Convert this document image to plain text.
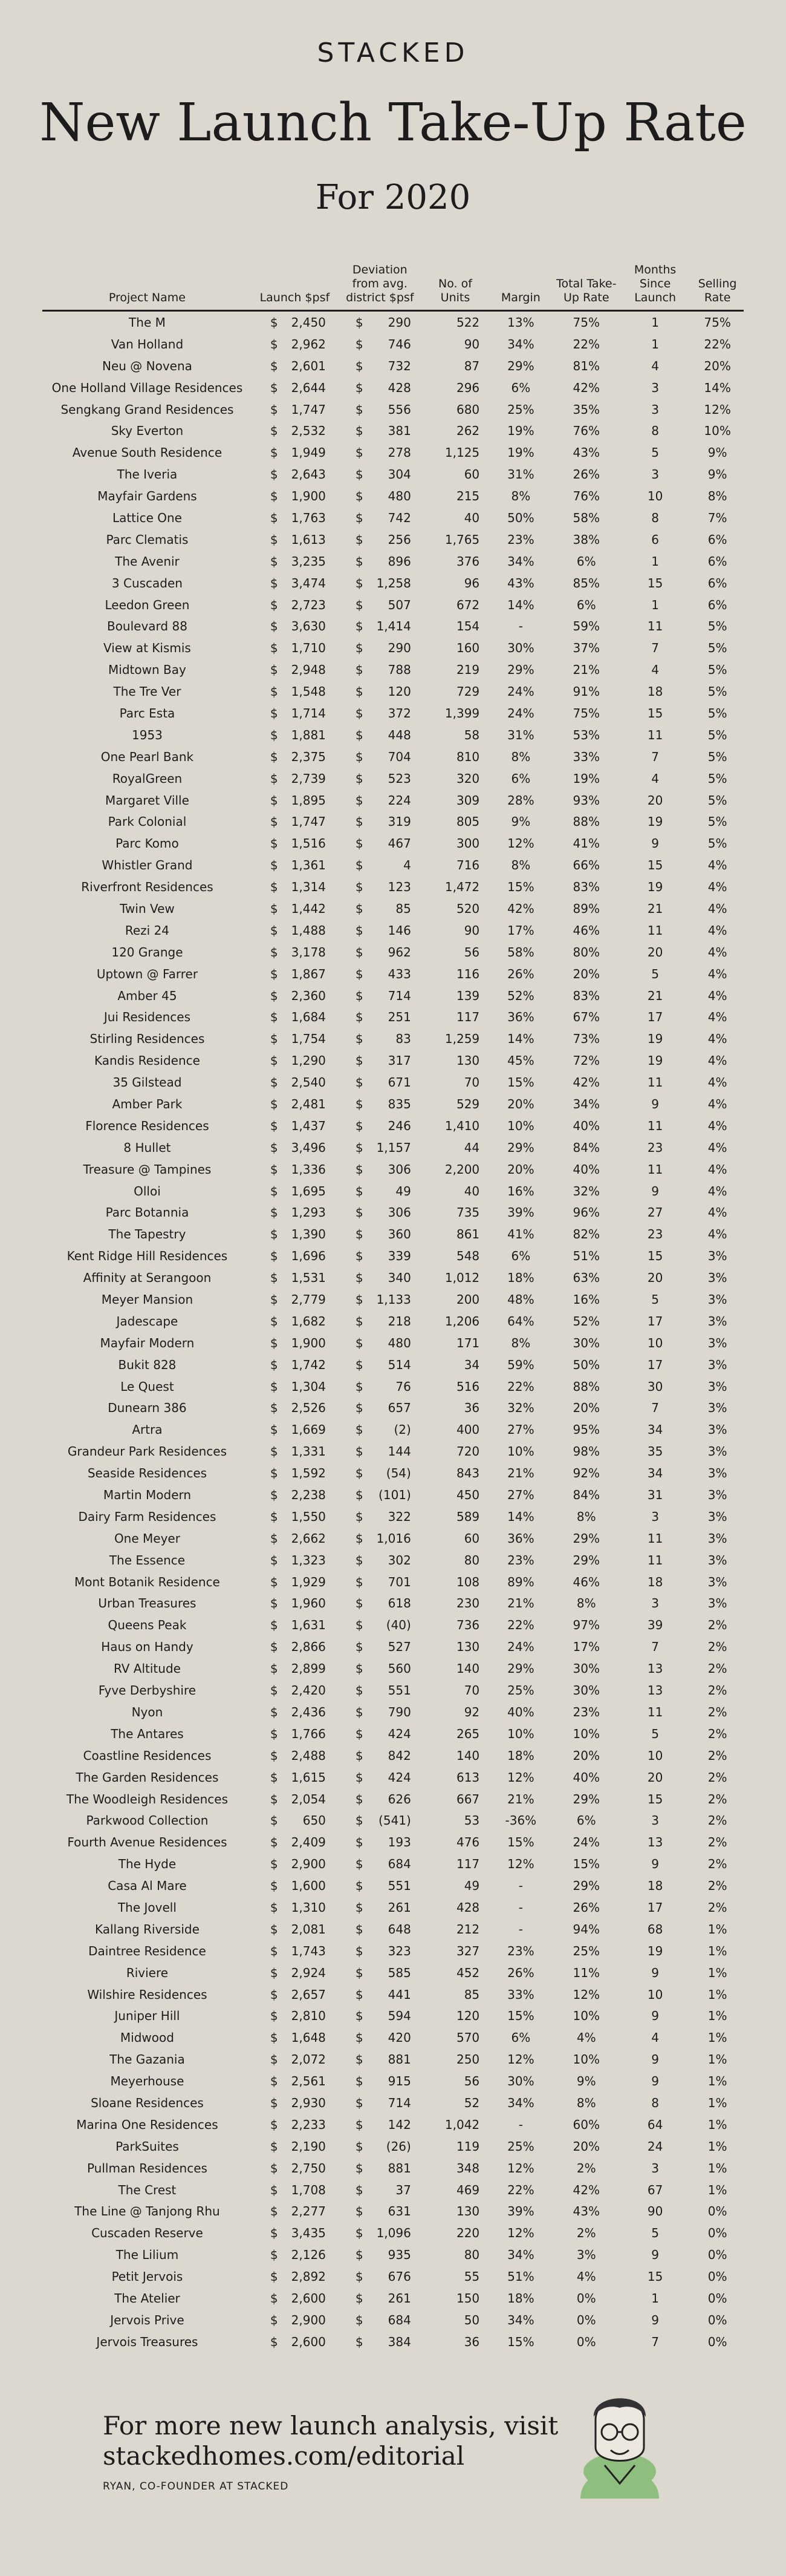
STACKED
New Launch Take-Up Rate
For 2020
Project Name	Launch $psf	Deviation from avg. district $psf	No. of Units	Margin	Total Take-Up Rate	Months Since Launch	Selling Rate
The M	$ 2,450	$ 290	522	13%	75%	1	75%
Van Holland	$ 2,962	$ 746	90	34%	22%	1	22%
Neu @ Novena	$ 2,601	$ 732	87	29%	81%	4	20%
One Holland Village Residences	$ 2,644	$ 428	296	6%	42%	3	14%
Sengkang Grand Residences	$ 1,747	$ 556	680	25%	35%	3	12%
Sky Everton	$ 2,532	$ 381	262	19%	76%	8	10%
Avenue South Residence	$ 1,949	$ 278	1,125	19%	43%	5	9%
The Iveria	$ 2,643	$ 304	60	31%	26%	3	9%
Mayfair Gardens	$ 1,900	$ 480	215	8%	76%	10	8%
Lattice One	$ 1,763	$ 742	40	50%	58%	8	7%
Parc Clematis	$ 1,613	$ 256	1,765	23%	38%	6	6%
The Avenir	$ 3,235	$ 896	376	34%	6%	1	6%
3 Cuscaden	$ 3,474	$ 1,258	96	43%	85%	15	6%
Leedon Green	$ 2,723	$ 507	672	14%	6%	1	6%
Boulevard 88	$ 3,630	$ 1,414	154	-	59%	11	5%
View at Kismis	$ 1,710	$ 290	160	30%	37%	7	5%
Midtown Bay	$ 2,948	$ 788	219	29%	21%	4	5%
The Tre Ver	$ 1,548	$ 120	729	24%	91%	18	5%
Parc Esta	$ 1,714	$ 372	1,399	24%	75%	15	5%
1953	$ 1,881	$ 448	58	31%	53%	11	5%
One Pearl Bank	$ 2,375	$ 704	810	8%	33%	7	5%
RoyalGreen	$ 2,739	$ 523	320	6%	19%	4	5%
Margaret Ville	$ 1,895	$ 224	309	28%	93%	20	5%
Park Colonial	$ 1,747	$ 319	805	9%	88%	19	5%
Parc Komo	$ 1,516	$ 467	300	12%	41%	9	5%
Whistler Grand	$ 1,361	$ 4	716	8%	66%	15	4%
Riverfront Residences	$ 1,314	$ 123	1,472	15%	83%	19	4%
Twin Vew	$ 1,442	$ 85	520	42%	89%	21	4%
Rezi 24	$ 1,488	$ 146	90	17%	46%	11	4%
120 Grange	$ 3,178	$ 962	56	58%	80%	20	4%
Uptown @ Farrer	$ 1,867	$ 433	116	26%	20%	5	4%
Amber 45	$ 2,360	$ 714	139	52%	83%	21	4%
Jui Residences	$ 1,684	$ 251	117	36%	67%	17	4%
Stirling Residences	$ 1,754	$ 83	1,259	14%	73%	19	4%
Kandis Residence	$ 1,290	$ 317	130	45%	72%	19	4%
35 Gilstead	$ 2,540	$ 671	70	15%	42%	11	4%
Amber Park	$ 2,481	$ 835	529	20%	34%	9	4%
Florence Residences	$ 1,437	$ 246	1,410	10%	40%	11	4%
8 Hullet	$ 3,496	$ 1,157	44	29%	84%	23	4%
Treasure @ Tampines	$ 1,336	$ 306	2,200	20%	40%	11	4%
Olloi	$ 1,695	$ 49	40	16%	32%	9	4%
Parc Botannia	$ 1,293	$ 306	735	39%	96%	27	4%
The Tapestry	$ 1,390	$ 360	861	41%	82%	23	4%
Kent Ridge Hill Residences	$ 1,696	$ 339	548	6%	51%	15	3%
Affinity at Serangoon	$ 1,531	$ 340	1,012	18%	63%	20	3%
Meyer Mansion	$ 2,779	$ 1,133	200	48%	16%	5	3%
Jadescape	$ 1,682	$ 218	1,206	64%	52%	17	3%
Mayfair Modern	$ 1,900	$ 480	171	8%	30%	10	3%
Bukit 828	$ 1,742	$ 514	34	59%	50%	17	3%
Le Quest	$ 1,304	$ 76	516	22%	88%	30	3%
Dunearn 386	$ 2,526	$ 657	36	32%	20%	7	3%
Artra	$ 1,669	$ (2)	400	27%	95%	34	3%
Grandeur Park Residences	$ 1,331	$ 144	720	10%	98%	35	3%
Seaside Residences	$ 1,592	$ (54)	843	21%	92%	34	3%
Martin Modern	$ 2,238	$ (101)	450	27%	84%	31	3%
Dairy Farm Residences	$ 1,550	$ 322	589	14%	8%	3	3%
One Meyer	$ 2,662	$ 1,016	60	36%	29%	11	3%
The Essence	$ 1,323	$ 302	80	23%	29%	11	3%
Mont Botanik Residence	$ 1,929	$ 701	108	89%	46%	18	3%
Urban Treasures	$ 1,960	$ 618	230	21%	8%	3	3%
Queens Peak	$ 1,631	$ (40)	736	22%	97%	39	2%
Haus on Handy	$ 2,866	$ 527	130	24%	17%	7	2%
RV Altitude	$ 2,899	$ 560	140	29%	30%	13	2%
Fyve Derbyshire	$ 2,420	$ 551	70	25%	30%	13	2%
Nyon	$ 2,436	$ 790	92	40%	23%	11	2%
The Antares	$ 1,766	$ 424	265	10%	10%	5	2%
Coastline Residences	$ 2,488	$ 842	140	18%	20%	10	2%
The Garden Residences	$ 1,615	$ 424	613	12%	40%	20	2%
The Woodleigh Residences	$ 2,054	$ 626	667	21%	29%	15	2%
Parkwood Collection	$ 650	$ (541)	53	-36%	6%	3	2%
Fourth Avenue Residences	$ 2,409	$ 193	476	15%	24%	13	2%
The Hyde	$ 2,900	$ 684	117	12%	15%	9	2%
Casa Al Mare	$ 1,600	$ 551	49	-	29%	18	2%
The Jovell	$ 1,310	$ 261	428	-	26%	17	2%
Kallang Riverside	$ 2,081	$ 648	212	-	94%	68	1%
Daintree Residence	$ 1,743	$ 323	327	23%	25%	19	1%
Riviere	$ 2,924	$ 585	452	26%	11%	9	1%
Wilshire Residences	$ 2,657	$ 441	85	33%	12%	10	1%
Juniper Hill	$ 2,810	$ 594	120	15%	10%	9	1%
Midwood	$ 1,648	$ 420	570	6%	4%	4	1%
The Gazania	$ 2,072	$ 881	250	12%	10%	9	1%
Meyerhouse	$ 2,561	$ 915	56	30%	9%	9	1%
Sloane Residences	$ 2,930	$ 714	52	34%	8%	8	1%
Marina One Residences	$ 2,233	$ 142	1,042	-	60%	64	1%
ParkSuites	$ 2,190	$ (26)	119	25%	20%	24	1%
Pullman Residences	$ 2,750	$ 881	348	12%	2%	3	1%
The Crest	$ 1,708	$ 37	469	22%	42%	67	1%
The Line @ Tanjong Rhu	$ 2,277	$ 631	130	39%	43%	90	0%
Cuscaden Reserve	$ 3,435	$ 1,096	220	12%	2%	5	0%
The Lilium	$ 2,126	$ 935	80	34%	3%	9	0%
Petit Jervois	$ 2,892	$ 676	55	51%	4%	15	0%
The Atelier	$ 2,600	$ 261	150	18%	0%	1	0%
Jervois Prive	$ 2,900	$ 684	50	34%	0%	9	0%
Jervois Treasures	$ 2,600	$ 384	36	15%	0%	7	0%
For more new launch analysis, visit
stackedhomes.com/editorial
RYAN, CO-FOUNDER AT STACKED
